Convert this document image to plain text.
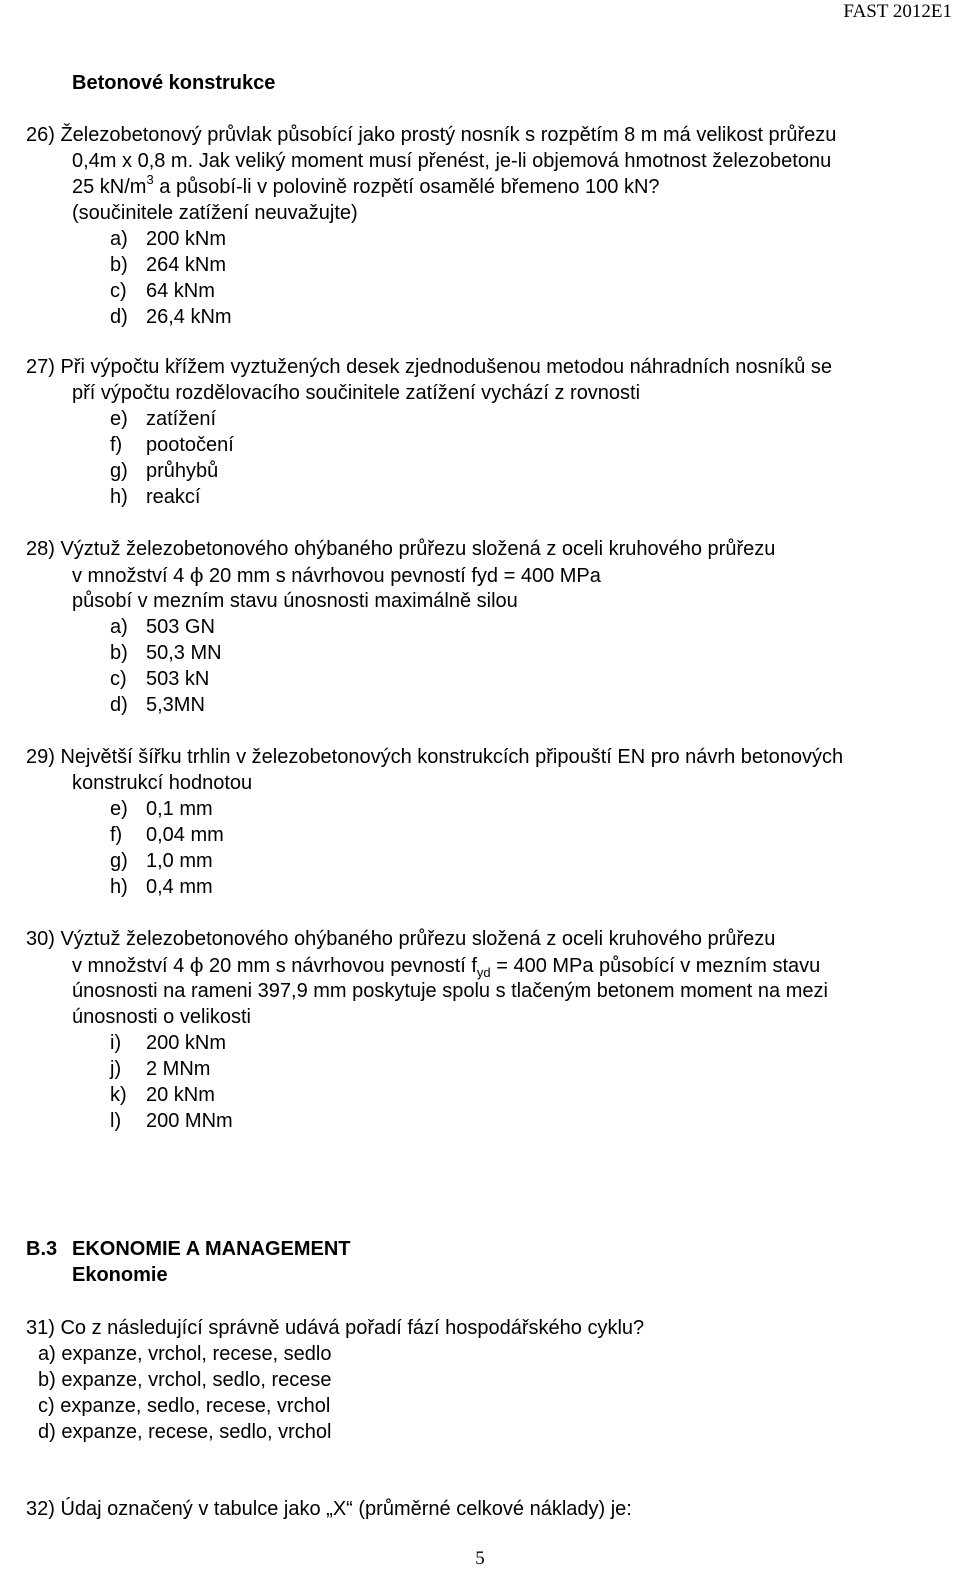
FAST 2012E1
Betonové konstrukce
26) Železobetonový průvlak působící jako prostý nosník s rozpětím 8 m má velikost průřezu
0,4m x 0,8 m. Jak veliký moment musí přenést, je-li objemová hmotnost železobetonu
25 $kN/m^3$ a působí-li v polovině rozpětí osamělé břemeno 100 kN?
(součinitele zatížení neuvažujte)
a) 200 kNm
b) 264 kNm
c) 64 kNm
d) 26,4 kNm
27) Při výpočtu křížem vyztužených desek zjednodušenou metodou náhradních nosníků se
pří výpočtu rozdělovacího součinitele zatížení vychází z rovnosti
e) zatížení
f) pootočení
g) průhybů
h) reakcí
28) Výztuž železobetonového ohýbaného průřezu složená z oceli kruhového průřezu
v množství 4 ϕ 20 mm s návrhovou pevností fyd = 400 MPa
působí v mezním stavu únosnosti maximálně silou
a) 503 GN
b) 50,3 MN
c) 503 kN
d) 5,3MN
29) Největší šířku trhlin v železobetonových konstrukcích připouští EN pro návrh betonových
konstrukcí hodnotou
e) 0,1 mm
f) 0,04 mm
g) 1,0 mm
h) 0,4 mm
30) Výztuž železobetonového ohýbaného průřezu složená z oceli kruhového průřezu
v množství 4 ϕ 20 mm s návrhovou pevností $f_{yd} = 400$ MPa působící v mezním stavu
únosnosti na rameni 397,9 mm poskytuje spolu s tlačeným betonem moment na mezi
únosnosti o velikosti
i) 200 kNm
j) 2 MNm
k) 20 kNm
l) 200 MNm
B.3 EKONOMIE A MANAGEMENT
Ekonomie
31) Co z následující správně udává pořadí fází hospodářského cyklu?
a) expanze, vrchol, recese, sedlo
b) expanze, vrchol, sedlo, recese
c) expanze, sedlo, recese, vrchol
d) expanze, recese, sedlo, vrchol
32) Údaj označený v tabulce jako „X“ (průměrné celkové náklady) je:
5
